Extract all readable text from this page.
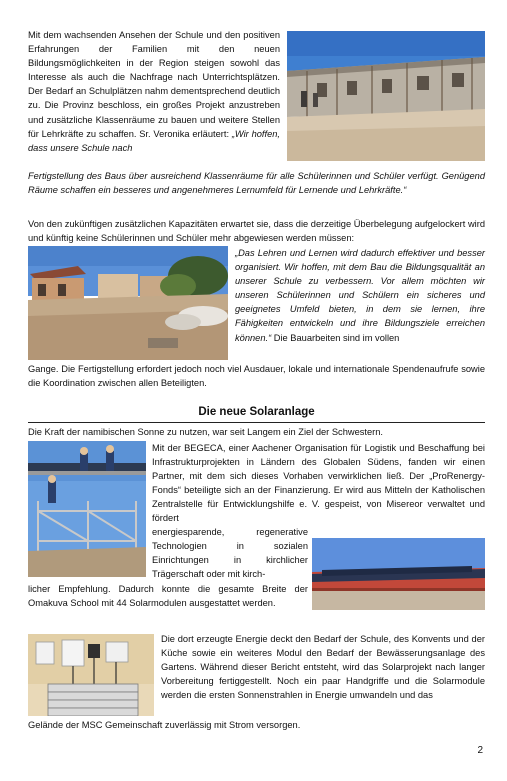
Mit dem wachsenden Ansehen der Schule und den positiven Erfahrungen der Familien mit den neuen Bildungsmöglichkeiten in der Region steigen sowohl das Interesse als auch die Nachfrage nach Unterrichtsplätzen. Der Bedarf an Schulplätzen nahm dementsprechend deutlich zu. Die Provinz beschloss, ein großes Projekt anzustreben und zusätzliche Klassenräume zu bauen und weitere Stellen für Lehrkräfte zu schaffen. Sr. Veronika erläutert: „Wir hoffen, dass unsere Schule nach

Fertigstellung des Baus über ausreichend Klassenräume für alle Schülerinnen und Schüler verfügt. Genügend Räume schaffen ein besseres und angenehmeres Lernumfeld für Lernende und Lehrkräfte.“

Von den zukünftigen zusätzlichen Kapazitäten erwartet sie, dass die derzeitige Überbelegung aufgelockert wird und künftig keine Schülerinnen und Schüler mehr abgewiesen werden müssen:

„Das Lehren und Lernen wird dadurch effektiver und besser organisiert. Wir hoffen, mit dem Bau die Bildungsqualität an unserer Schule zu verbessern. Vor allem möchten wir unseren Schülerinnen und Schülern ein sicheres und geeignetes Umfeld bieten, in dem sie lernen, ihre Fähigkeiten entwickeln und ihre Bildungsziele erreichen können.“ Die Bauarbeiten sind im vollen

Gange. Die Fertigstellung erfordert jedoch noch viel Ausdauer, lokale und internationale Spendenaufrufe sowie die Koordination zwischen allen Beteiligten.

Die neue Solaranlage

Die Kraft der namibischen Sonne zu nutzen, war seit Langem ein Ziel der Schwestern.

Mit der BEGECA, einer Aachener Organisation für Logistik und Beschaffung bei Infrastrukturprojekten in Ländern des Globalen Südens, fanden wir einen Partner, mit dem sich dieses Vorhaben verwirklichen ließ. Der „ProRenergy-Fonds“ beteiligte sich an der Finanzierung. Er wird aus Mitteln der Katholischen Zentralstelle für Entwicklungshilfe e. V. gespeist, von Misereor verwaltet und fördert

energiesparende, regenerative Technologien in sozialen Einrichtungen in kirchlicher Trägerschaft oder mit kirch-

licher Empfehlung. Dadurch konnte die gesamte Breite der Omakuva School mit 44 Solarmodulen ausgestattet werden.

Die dort erzeugte Energie deckt den Bedarf der Schule, des Konvents und der Küche sowie ein weiteres Modul den Bedarf der Bewässerungsanlage des Gartens. Während dieser Bericht entsteht, wird das Solarprojekt nach langer Vorbereitung fertiggestellt. Noch ein paar Handgriffe und die Solarmodule werden die ersten Sonnenstrahlen in Energie umwandeln und das

Gelände der MSC Gemeinschaft zuverlässig mit Strom versorgen.

2
